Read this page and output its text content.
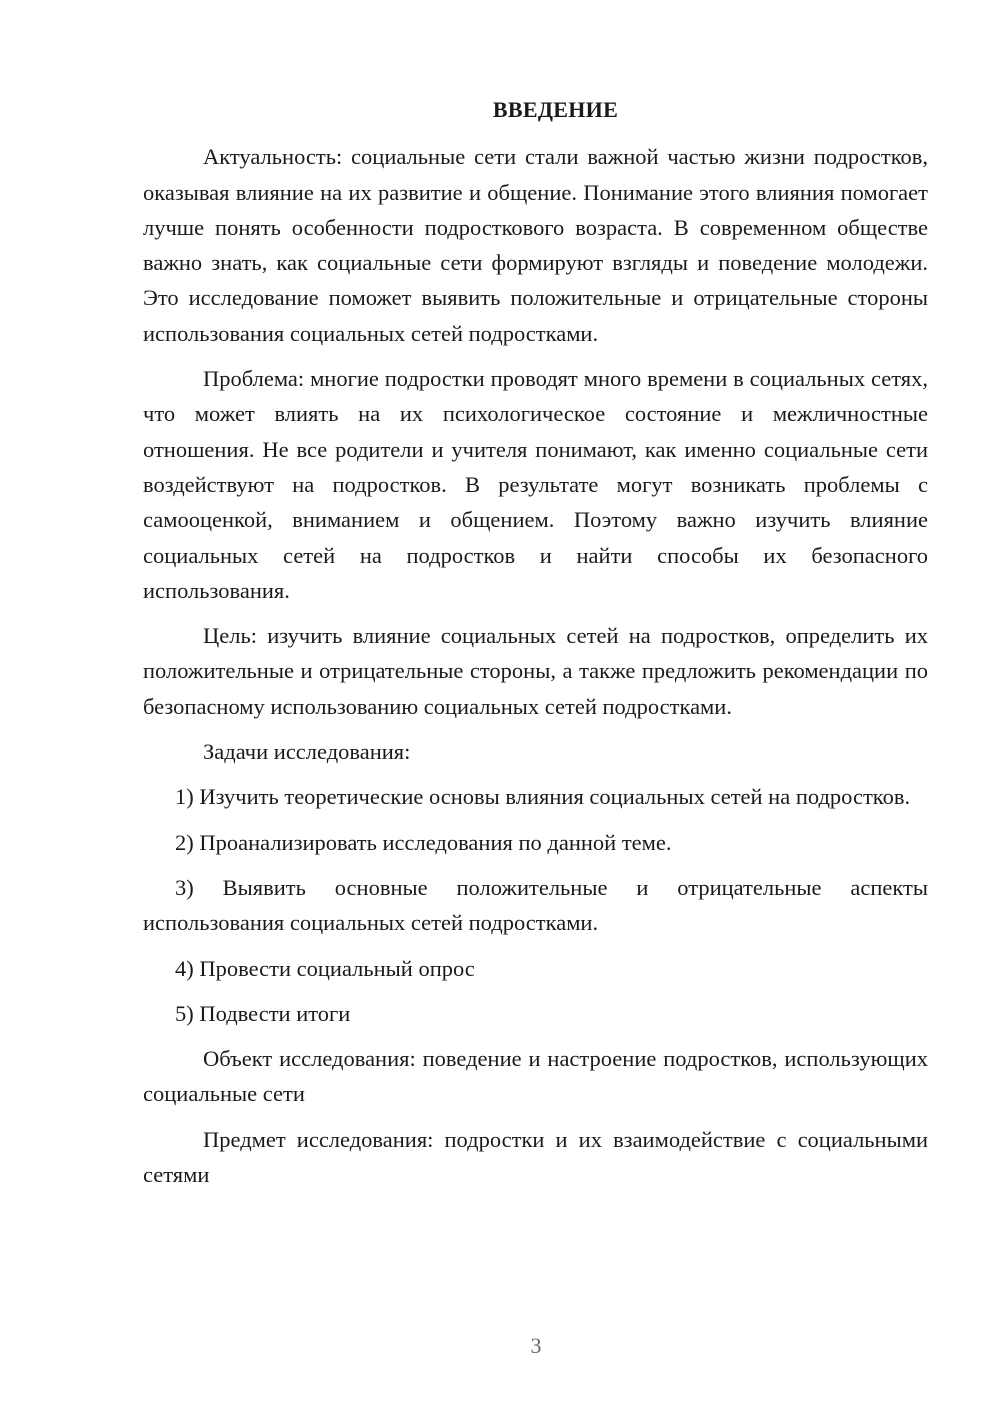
ВВЕДЕНИЕ

Актуальность: социальные сети стали важной частью жизни подростков, оказывая влияние на их развитие и общение. Понимание этого влияния помогает лучше понять особенности подросткового возраста. В современном обществе важно знать, как социальные сети формируют взгляды и поведение молодежи. Это исследование поможет выявить положительные и отрицательные стороны использования социальных сетей подростками.

Проблема: многие подростки проводят много времени в социальных сетях, что может влиять на их психологическое состояние и межличностные отношения. Не все родители и учителя понимают, как именно социальные сети воздействуют на подростков. В результате могут возникать проблемы с самооценкой, вниманием и общением. Поэтому важно изучить влияние социальных сетей на подростков и найти способы их безопасного использования.

Цель: изучить влияние социальных сетей на подростков, определить их положительные и отрицательные стороны, а также предложить рекомендации по безопасному использованию социальных сетей подростками.

Задачи исследования:

1) Изучить теоретические основы влияния социальных сетей на подростков.

2) Проанализировать исследования по данной теме.

3) Выявить основные положительные и отрицательные аспекты использования социальных сетей подростками.

4) Провести социальный опрос

5) Подвести итоги

Объект исследования: поведение и настроение подростков, использующих социальные сети

Предмет исследования: подростки и их взаимодействие с социальными сетями

3
